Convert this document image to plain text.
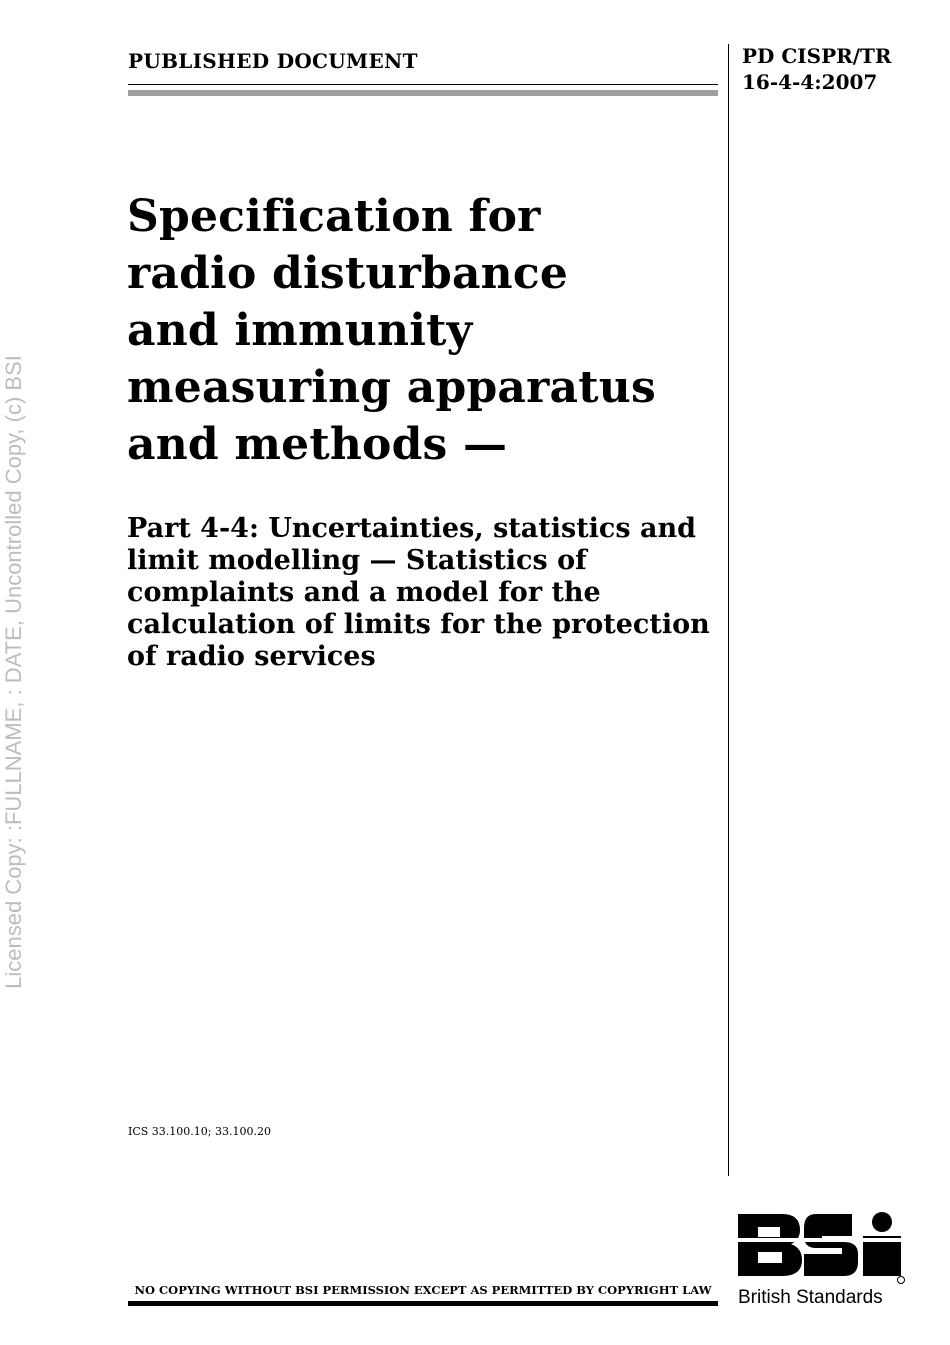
Licensed Copy: :FULLNAME, : DATE, Uncontrolled Copy, (c) BSI
PUBLISHED DOCUMENT	PD CISPR/TR
16-4-4:2007
Specification for
radio disturbance
and immunity
measuring apparatus
and methods —
Part 4-4: Uncertainties, statistics and
limit modelling — Statistics of
complaints and a model for the
calculation of limits for the protection
of radio services
ICS 33.100.10; 33.100.20
NO COPYING WITHOUT BSI PERMISSION EXCEPT AS PERMITTED BY COPYRIGHT LAW	British Standards
